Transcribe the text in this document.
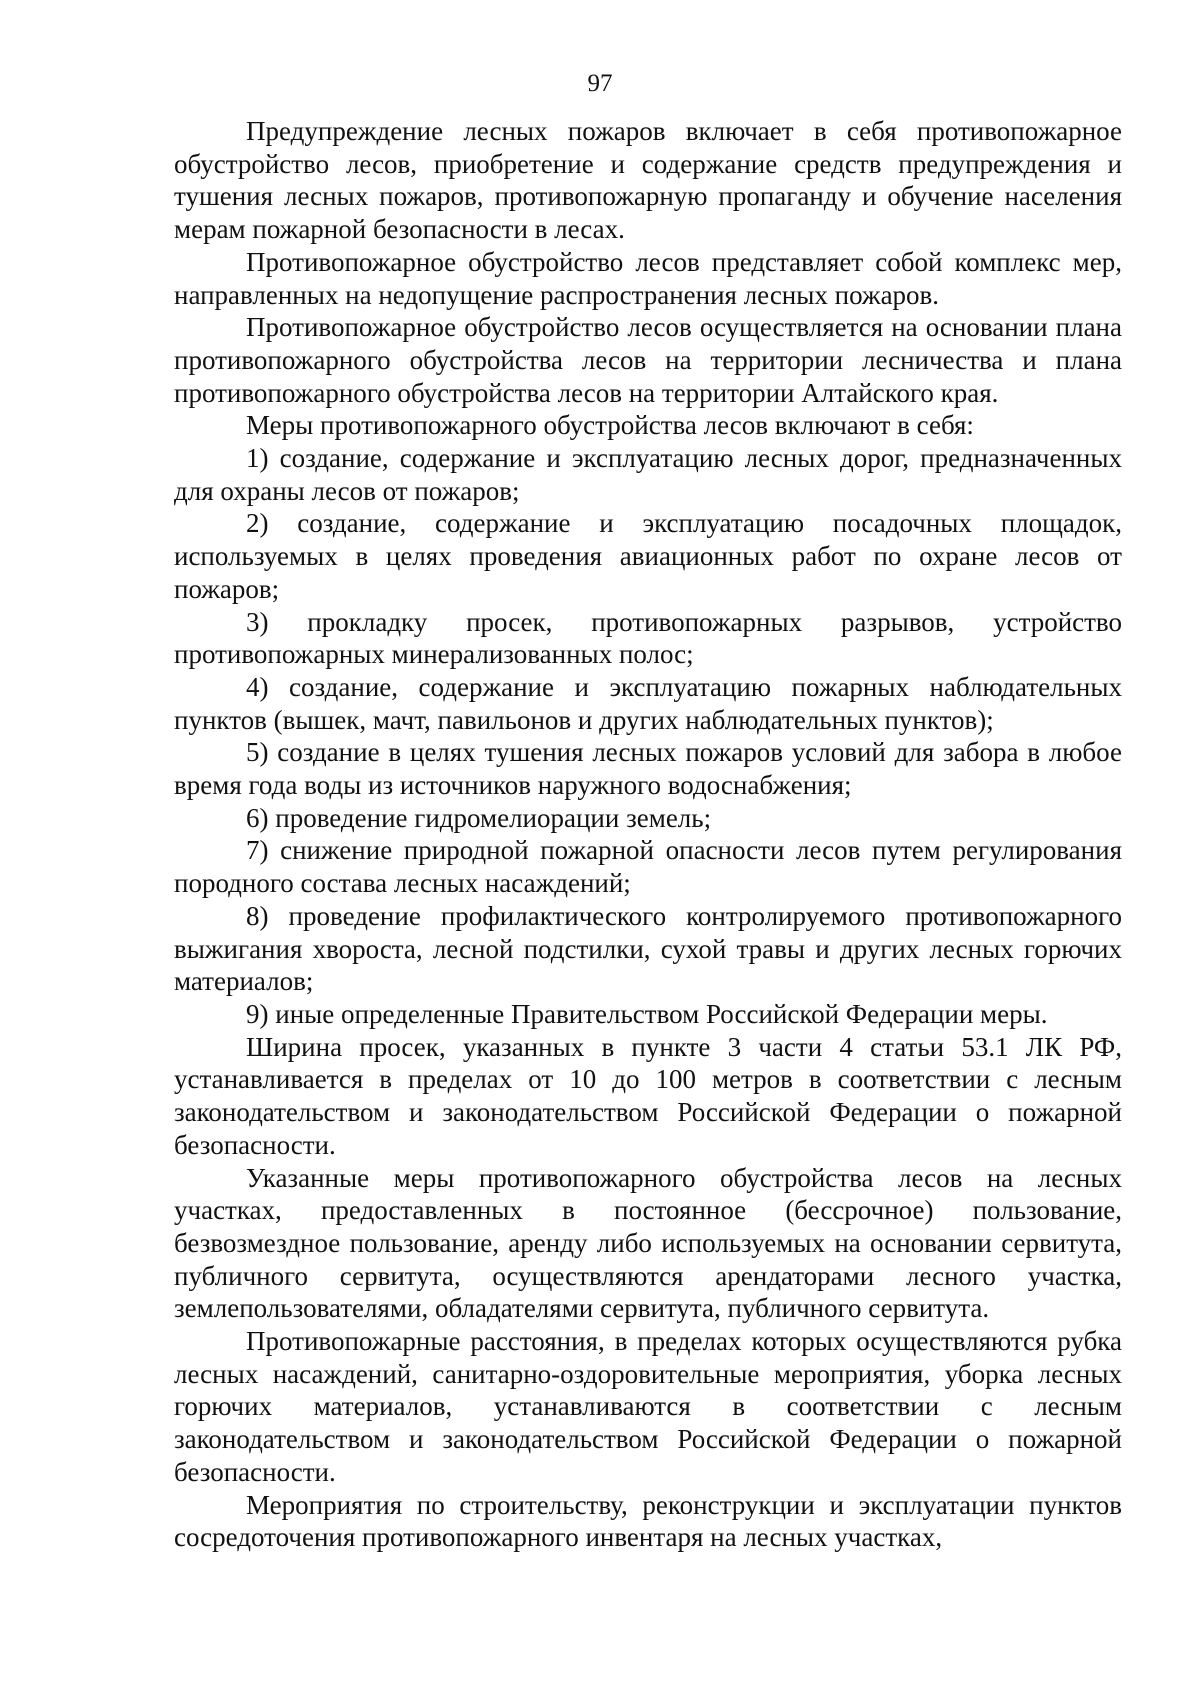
97

Предупреждение лесных пожаров включает в себя противопожарное обустройство лесов, приобретение и содержание средств предупреждения и тушения лесных пожаров, противопожарную пропаганду и обучение населения мерам пожарной безопасности в лесах.

Противопожарное обустройство лесов представляет собой комплекс мер, направленных на недопущение распространения лесных пожаров.

Противопожарное обустройство лесов осуществляется на основании плана противопожарного обустройства лесов на территории лесничества и плана противопожарного обустройства лесов на территории Алтайского края.

Меры противопожарного обустройства лесов включают в себя:

1) создание, содержание и эксплуатацию лесных дорог, предназначенных для охраны лесов от пожаров;

2) создание, содержание и эксплуатацию посадочных площадок, используемых в целях проведения авиационных работ по охране лесов от пожаров;

3) прокладку просек, противопожарных разрывов, устройство противопожарных минерализованных полос;

4) создание, содержание и эксплуатацию пожарных наблюдательных пунктов (вышек, мачт, павильонов и других наблюдательных пунктов);

5) создание в целях тушения лесных пожаров условий для забора в любое время года воды из источников наружного водоснабжения;

6) проведение гидромелиорации земель;

7) снижение природной пожарной опасности лесов путем регулирования породного состава лесных насаждений;

8) проведение профилактического контролируемого противопожарного выжигания хвороста, лесной подстилки, сухой травы и других лесных горючих материалов;

9) иные определенные Правительством Российской Федерации меры.

Ширина просек, указанных в пункте 3 части 4 статьи 53.1 ЛК РФ, устанавливается в пределах от 10 до 100 метров в соответствии с лесным законодательством и законодательством Российской Федерации о пожарной безопасности.

Указанные меры противопожарного обустройства лесов на лесных участках, предоставленных в постоянное (бессрочное) пользование, безвозмездное пользование, аренду либо используемых на основании сервитута, публичного сервитута, осуществляются арендаторами лесного участка, землепользователями, обладателями сервитута, публичного сервитута.

Противопожарные расстояния, в пределах которых осуществляются рубка лесных насаждений, санитарно-оздоровительные мероприятия, уборка лесных горючих материалов, устанавливаются в соответствии с лесным законодательством и законодательством Российской Федерации о пожарной безопасности.

Мероприятия по строительству, реконструкции и эксплуатации пунктов сосредоточения противопожарного инвентаря на лесных участках,
